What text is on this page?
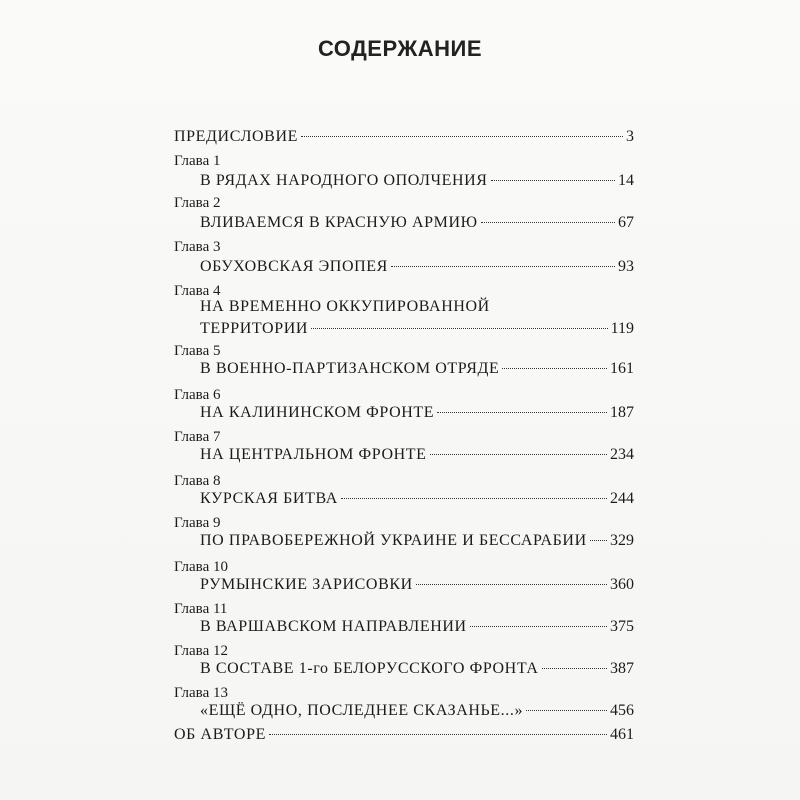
СОДЕРЖАНИЕ
ПРЕДИСЛОВИЕ	3
Глава 1
В РЯДАХ НАРОДНОГО ОПОЛЧЕНИЯ	14
Глава 2
ВЛИВАЕМСЯ В КРАСНУЮ АРМИЮ	67
Глава 3
ОБУХОВСКАЯ ЭПОПЕЯ	93
Глава 4
НА ВРЕМЕННО ОККУПИРОВАННОЙ
ТЕРРИТОРИИ	119
Глава 5
В ВОЕННО-ПАРТИЗАНСКОМ ОТРЯДЕ	161
Глава 6
НА КАЛИНИНСКОМ ФРОНТЕ	187
Глава 7
НА ЦЕНТРАЛЬНОМ ФРОНТЕ	234
Глава 8
КУРСКАЯ БИТВА	244
Глава 9
ПО ПРАВОБЕРЕЖНОЙ УКРАИНЕ И БЕССАРАБИИ 329
Глава 10
РУМЫНСКИЕ ЗАРИСОВКИ	360
Глава 11
В ВАРШАВСКОМ НАПРАВЛЕНИИ	375
Глава 12
В СОСТАВЕ 1-го БЕЛОРУССКОГО ФРОНТА	387
Глава 13
«ЕЩЁ ОДНО, ПОСЛЕДНЕЕ СКАЗАНЬЕ...»	456
ОБ АВТОРЕ	461
